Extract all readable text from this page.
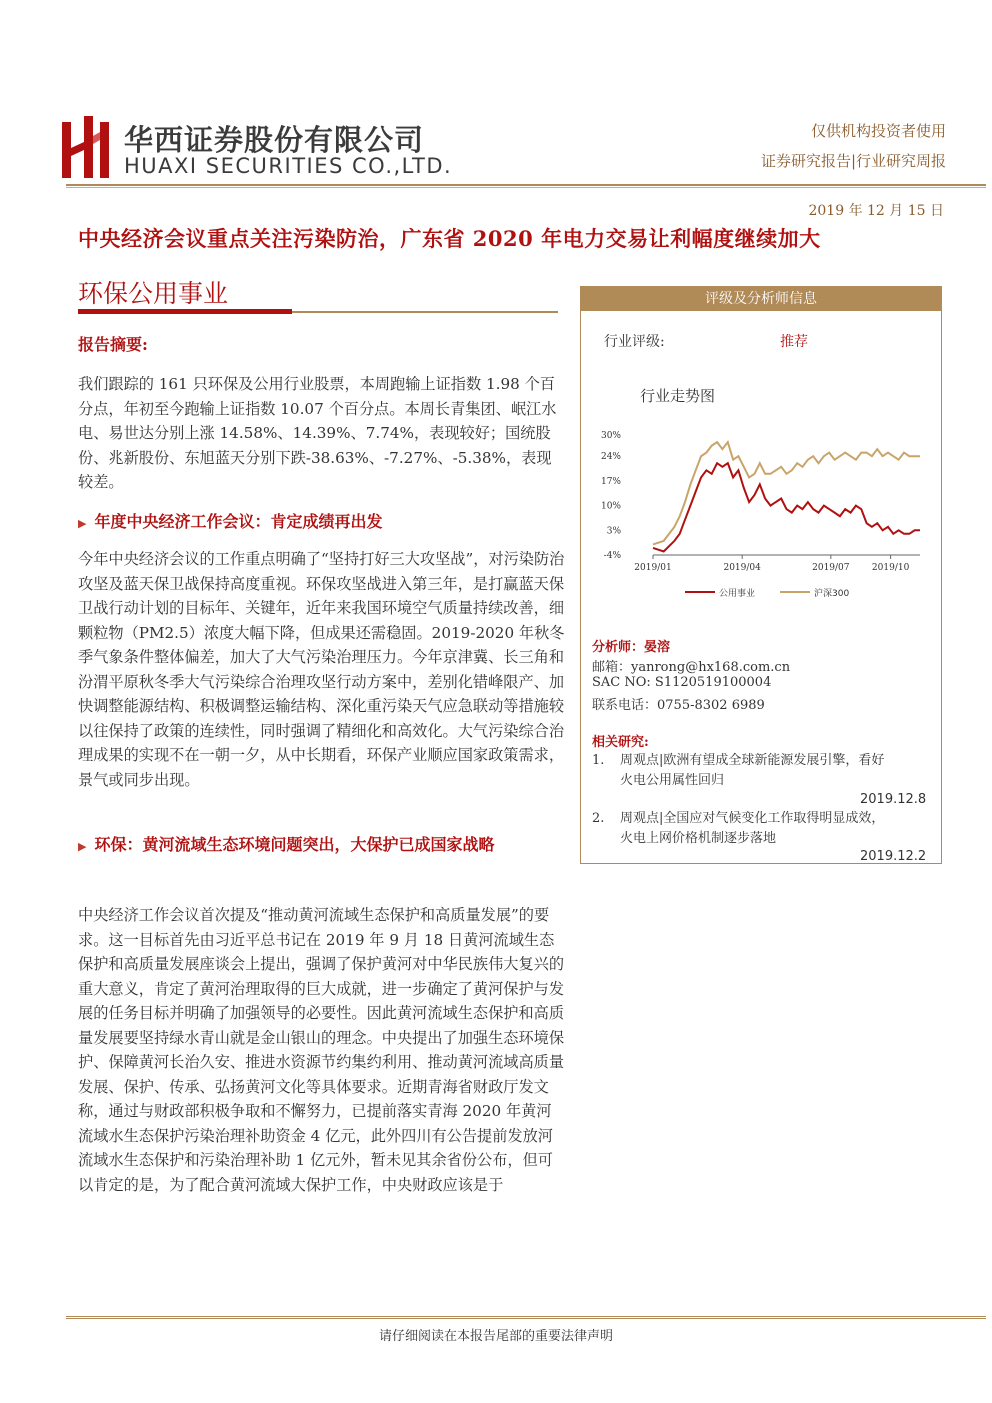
华西证券股份有限公司
HUAXI SECURITIES CO.,LTD.
仅供机构投资者使用
证券研究报告|行业研究周报
2019 年 12 月 15 日
中央经济会议重点关注污染防治，广东省 2020 年电力交易让利幅度继续加大
环保公用事业
报告摘要:
我们跟踪的 161 只环保及公用行业股票，本周跑输上证指数 1.98 个百分点，年初至今跑输上证指数 10.07 个百分点。本周长青集团、岷江水电、易世达分别上涨 14.58%、14.39%、7.74%，表现较好；国统股份、兆新股份、东旭蓝天分别下跌-38.63%、-7.27%、-5.38%，表现较差。
▶ 年度中央经济工作会议：肯定成绩再出发
今年中央经济会议的工作重点明确了“坚持打好三大攻坚战”，对污染防治攻坚及蓝天保卫战保持高度重视。环保攻坚战进入第三年，是打赢蓝天保卫战行动计划的目标年、关键年，近年来我国环境空气质量持续改善，细颗粒物（PM2.5）浓度大幅下降，但成果还需稳固。2019-2020 年秋冬季气象条件整体偏差，加大了大气污染治理压力。今年京津冀、长三角和汾渭平原秋冬季大气污染综合治理攻坚行动方案中，差别化错峰限产、加快调整能源结构、积极调整运输结构、深化重污染天气应急联动等措施较以往保持了政策的连续性，同时强调了精细化和高效化。大气污染综合治理成果的实现不在一朝一夕，从中长期看，环保产业顺应国家政策需求，景气或同步出现。
▶ 环保：黄河流域生态环境问题突出，大保护已成国家战略
中央经济工作会议首次提及“推动黄河流域生态保护和高质量发展”的要求。这一目标首先由习近平总书记在 2019 年 9 月 18 日黄河流域生态保护和高质量发展座谈会上提出，强调了保护黄河对中华民族伟大复兴的重大意义，肯定了黄河治理取得的巨大成就，进一步确定了黄河保护与发展的任务目标并明确了加强领导的必要性。因此黄河流域生态保护和高质量发展要坚持绿水青山就是金山银山的理念。中央提出了加强生态环境保护、保障黄河长治久安、推进水资源节约集约利用、推动黄河流域高质量发展、保护、传承、弘扬黄河文化等具体要求。近期青海省财政厅发文称，通过与财政部积极争取和不懈努力，已提前落实青海 2020 年黄河流域水生态保护污染治理补助资金 4 亿元，此外四川有公告提前发放河流域水生态保护和污染治理补助 1 亿元外，暂未见其余省份公布，但可以肯定的是，为了配合黄河流域大保护工作，中央财政应该是于
评级及分析师信息
行业评级:	推荐
行业走势图
30%
24%
17%
10%
3%
-4%
2019/01	2019/04	2019/07 2019/10
公用事业	沪深300
分析师：晏溶
邮箱：yanrong@hx168.com.cn
SAC NO: S1120519100004
联系电话：0755-8302 6989
相关研究:
1. 周观点|欧洲有望成全球新能源发展引擎，看好
火电公用属性回归
2019.12.8
2. 周观点|全国应对气候变化工作取得明显成效，
火电上网价格机制逐步落地
2019.12.2
请仔细阅读在本报告尾部的重要法律声明
